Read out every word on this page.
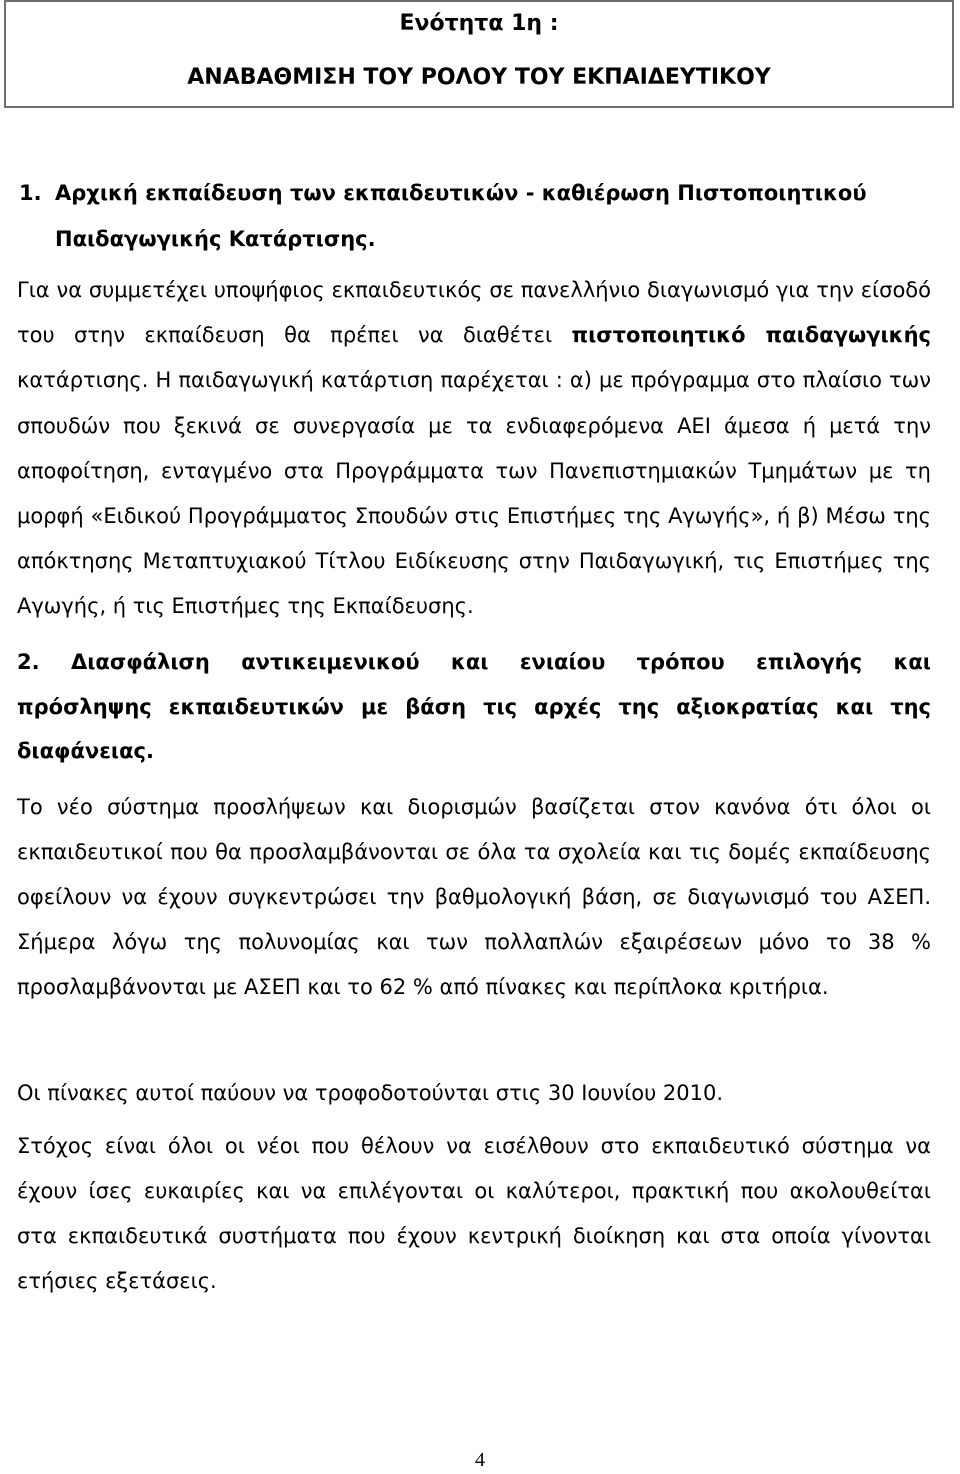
Ενότητα 1η :
ΑΝΑΒΑΘΜΙΣΗ ΤΟΥ ΡΟΛΟΥ ΤΟΥ ΕΚΠΑΙΔΕΥΤΙΚΟΥ
1. Αρχική εκπαίδευση των εκπαιδευτικών - καθιέρωση Πιστοποιητικού
Παιδαγωγικής Κατάρτισης.
Για να συμμετέχει υποψήφιος εκπαιδευτικός σε πανελλήνιο διαγωνισμό για την είσοδό του στην εκπαίδευση θα πρέπει να διαθέτει πιστοποιητικό παιδαγωγικής κατάρτισης. Η παιδαγωγική κατάρτιση παρέχεται : α) με πρόγραμμα στο πλαίσιο των σπουδών που ξεκινά σε συνεργασία με τα ενδιαφερόμενα ΑΕΙ άμεσα ή μετά την αποφοίτηση, ενταγμένο στα Προγράμματα των Πανεπιστημιακών Τμημάτων με τη μορφή «Ειδικού Προγράμματος Σπουδών στις Επιστήμες της Αγωγής», ή β) Μέσω της απόκτησης Μεταπτυχιακού Τίτλου Ειδίκευσης στην Παιδαγωγική, τις Επιστήμες της Αγωγής, ή τις Επιστήμες της Εκπαίδευσης.
2. Διασφάλιση αντικειμενικού και ενιαίου τρόπου επιλογής και πρόσληψης εκπαιδευτικών με βάση τις αρχές της αξιοκρατίας και της διαφάνειας.
Το νέο σύστημα προσλήψεων και διορισμών βασίζεται στον κανόνα ότι όλοι οι εκπαιδευτικοί που θα προσλαμβάνονται σε όλα τα σχολεία και τις δομές εκπαίδευσης οφείλουν να έχουν συγκεντρώσει την βαθμολογική βάση, σε διαγωνισμό του ΑΣΕΠ. Σήμερα λόγω της πολυνομίας και των πολλαπλών εξαιρέσεων μόνο το 38 % προσλαμβάνονται με ΑΣΕΠ και το 62 % από πίνακες και περίπλοκα κριτήρια.
Οι πίνακες αυτοί παύουν να τροφοδοτούνται στις 30 Ιουνίου 2010.
Στόχος είναι όλοι οι νέοι που θέλουν να εισέλθουν στο εκπαιδευτικό σύστημα να έχουν ίσες ευκαιρίες και να επιλέγονται οι καλύτεροι, πρακτική που ακολουθείται στα εκπαιδευτικά συστήματα που έχουν κεντρική διοίκηση και στα οποία γίνονται ετήσιες εξετάσεις.
4
